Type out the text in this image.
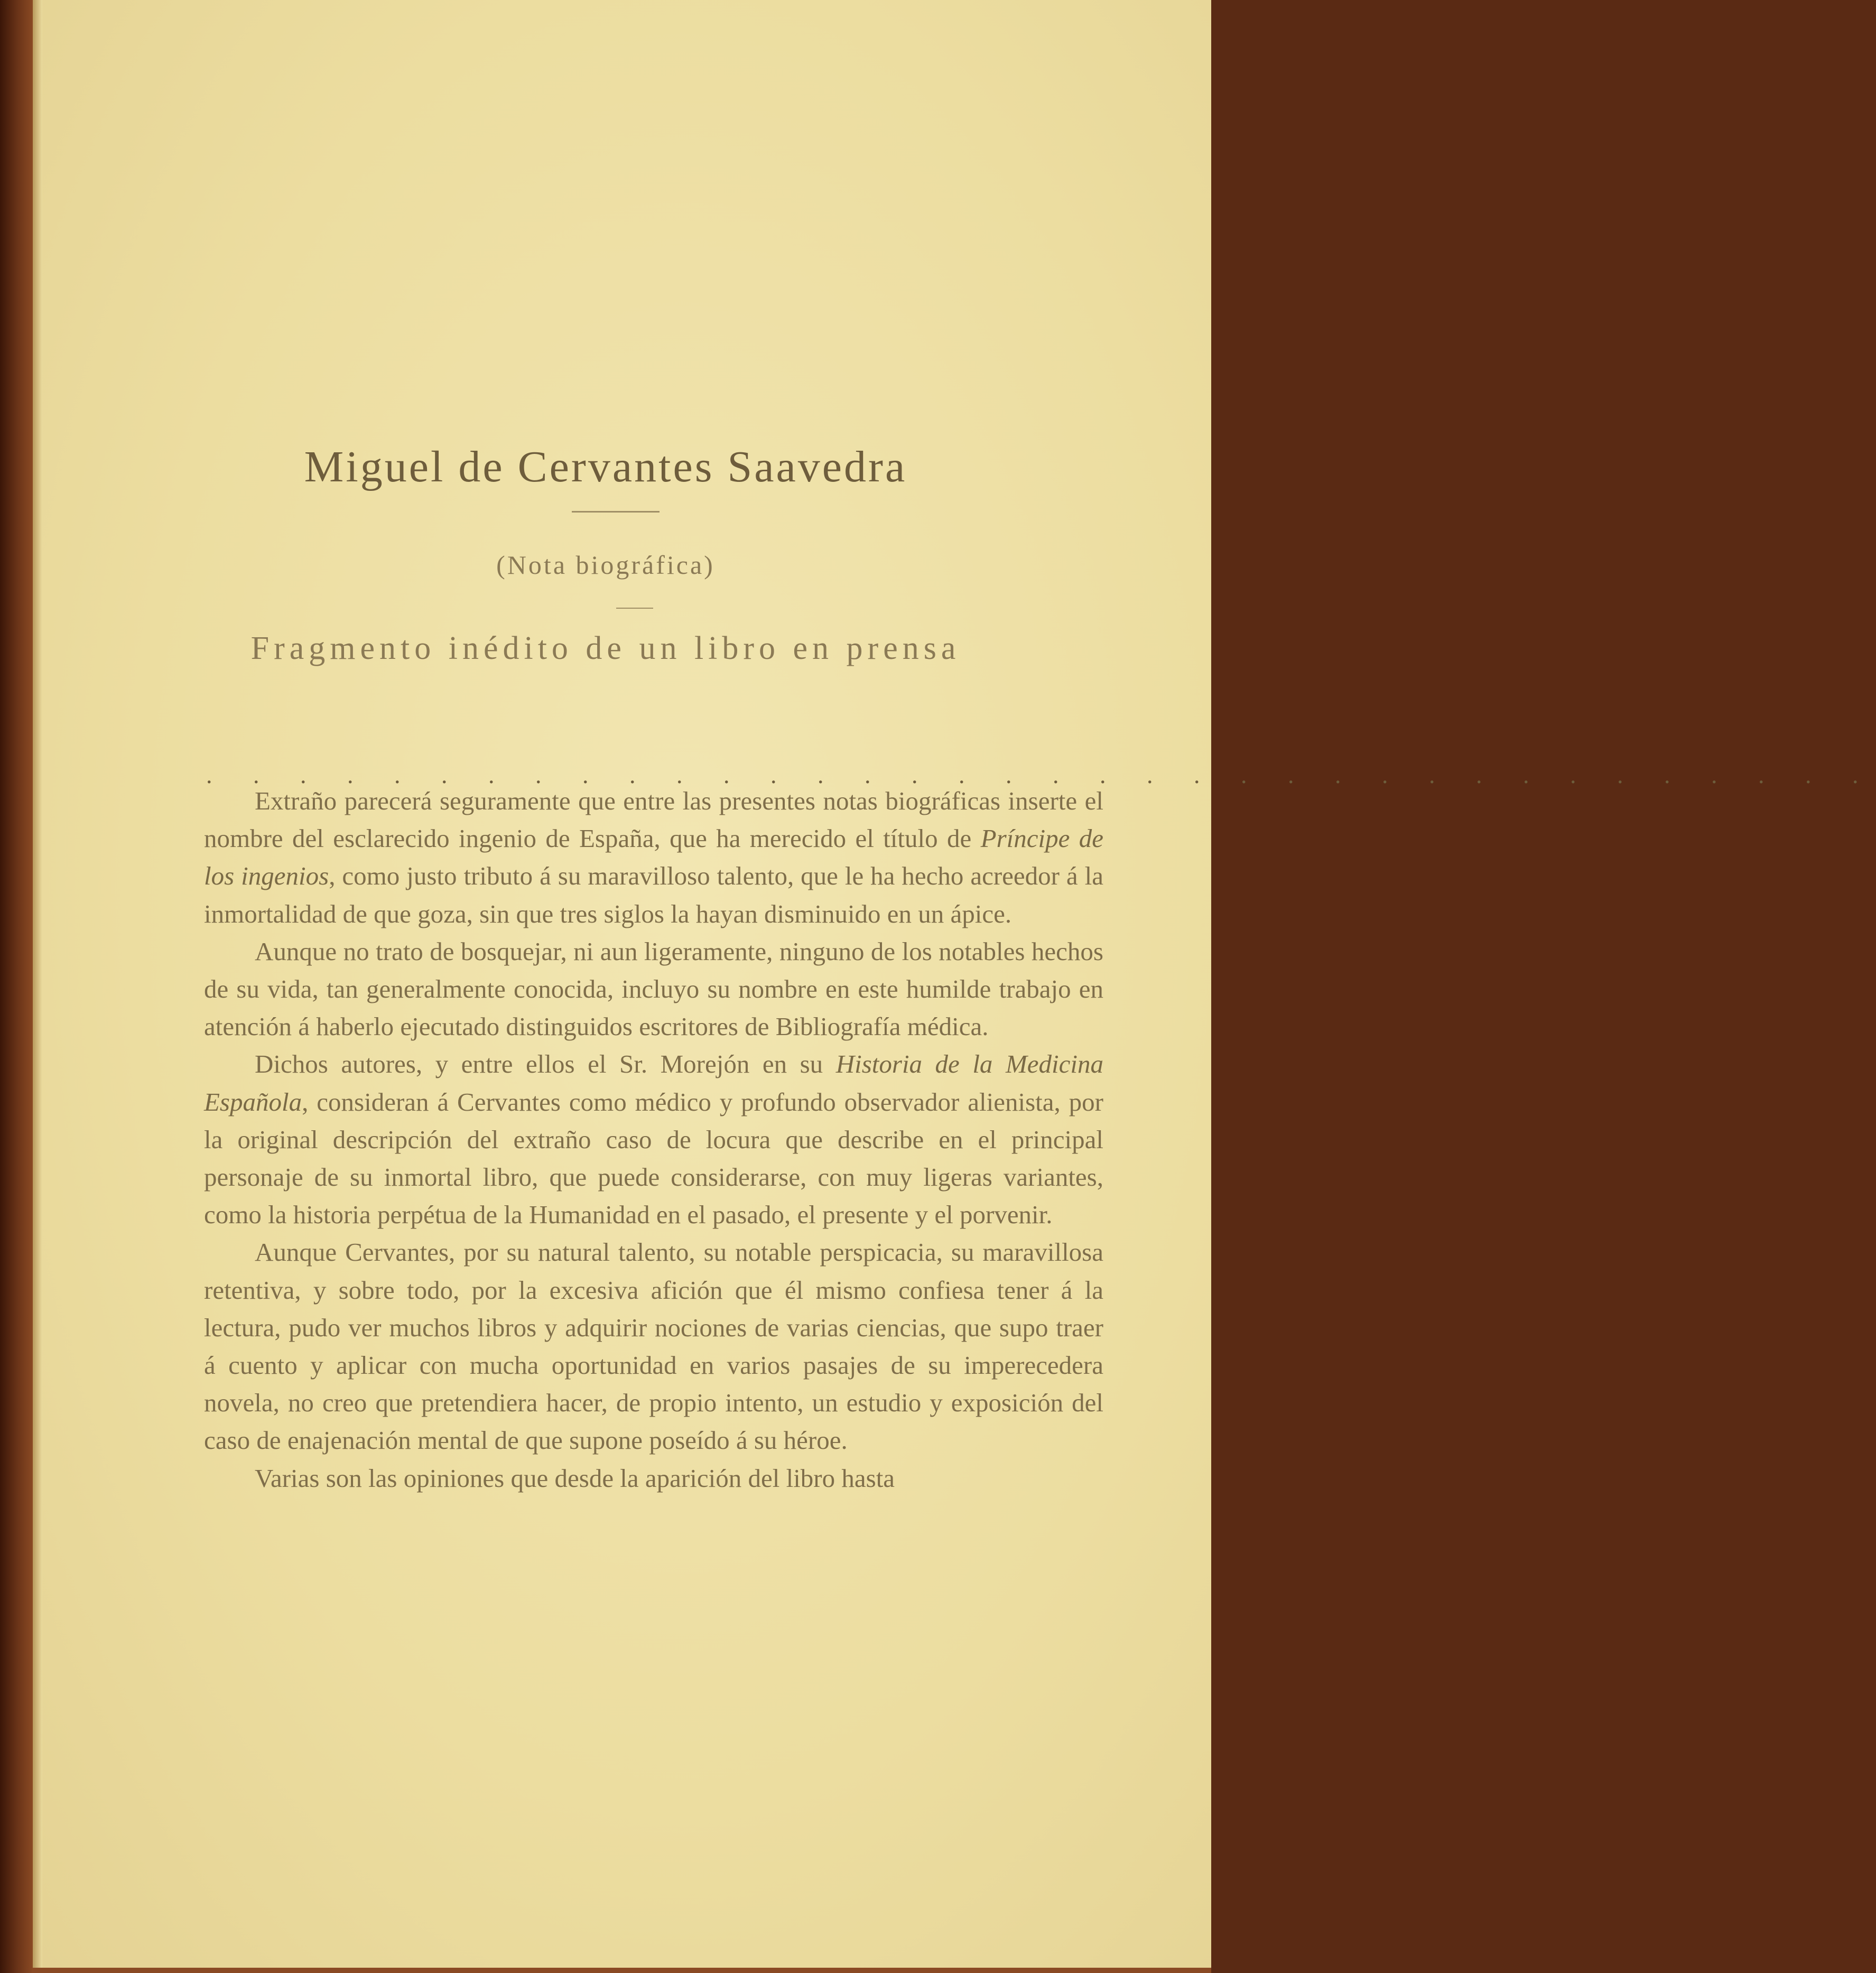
Miguel de Cervantes Saavedra
(Nota biográfica)
Fragmento inédito de un libro en prensa
. . . . . . . . . . . . . . . . . . . . . . . . . . . . . . . . . . . .

Extraño parecerá seguramente que entre las presentes notas biográficas inserte el nombre del esclarecido ingenio de España, que ha merecido el título de Príncipe de los ingenios, como justo tributo á su maravilloso talento, que le ha hecho acreedor á la inmortalidad de que goza, sin que tres siglos la hayan disminuido en un ápice.

Aunque no trato de bosquejar, ni aun ligeramente, ninguno de los notables hechos de su vida, tan generalmente conocida, incluyo su nombre en este humilde trabajo en atención á haberlo ejecutado distinguidos escritores de Bibliografía médica.

Dichos autores, y entre ellos el Sr. Morejón en su Historia de la Medicina Española, consideran á Cervantes como médico y profundo observador alienista, por la original descripción del extraño caso de locura que describe en el principal personaje de su inmortal libro, que puede considerarse, con muy ligeras variantes, como la historia perpétua de la Humanidad en el pasado, el presente y el porvenir.

Aunque Cervantes, por su natural talento, su notable perspicacia, su maravillosa retentiva, y sobre todo, por la excesiva afición que él mismo confiesa tener á la lectura, pudo ver muchos libros y adquirir nociones de varias ciencias, que supo traer á cuento y aplicar con mucha oportunidad en varios pasajes de su imperecedera novela, no creo que pretendiera hacer, de propio intento, un estudio y exposición del caso de enajenación mental de que supone poseído á su héroe.

Varias son las opiniones que desde la aparición del libro hasta
